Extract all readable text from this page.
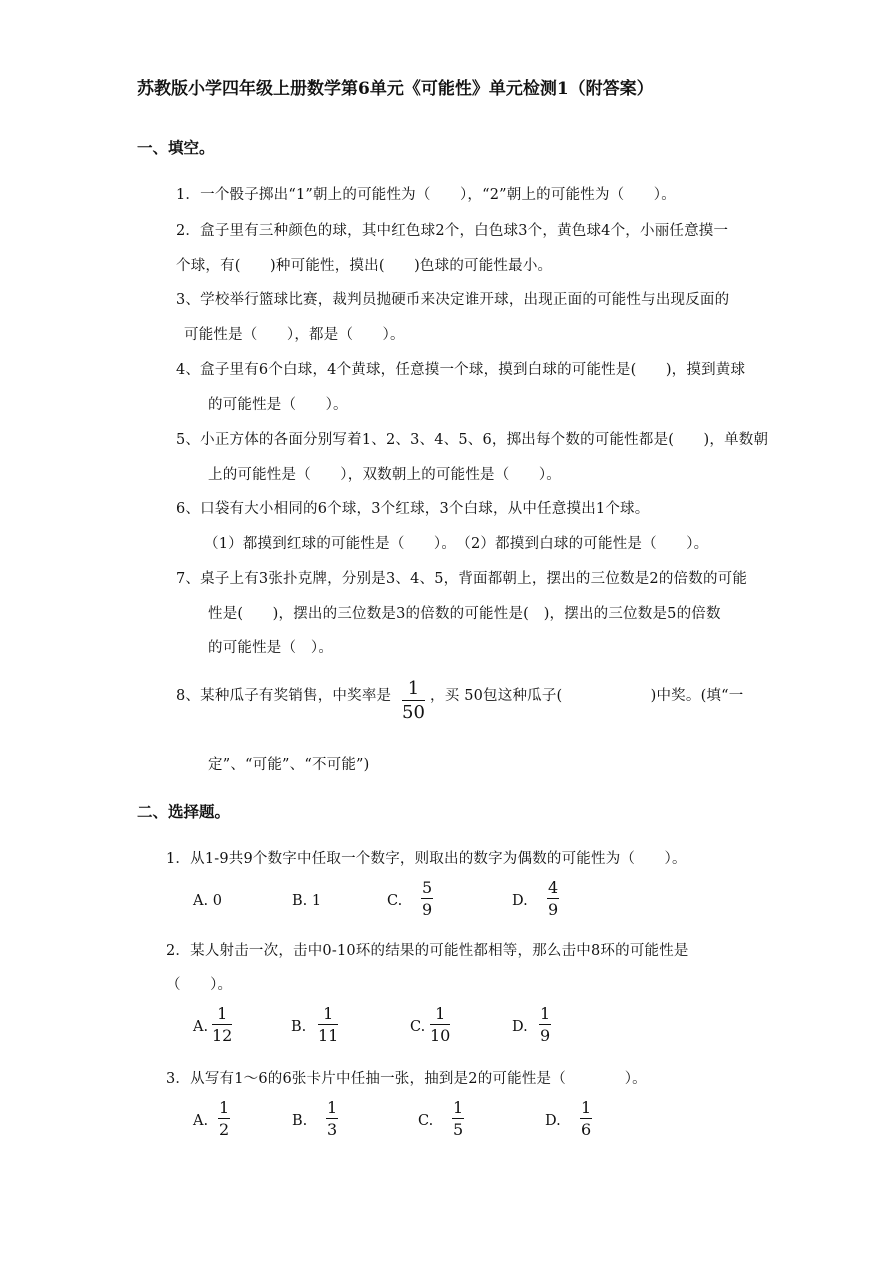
苏教版小学四年级上册数学第6单元《可能性》单元检测1（附答案）
一、填空。
1．一个骰子掷出“1”朝上的可能性为（　　），“2”朝上的可能性为（　　）。
2．盒子里有三种颜色的球，其中红色球2个，白色球3个，黄色球4个，小丽任意摸一
个球，有(　　)种可能性，摸出(　　)色球的可能性最小。
3、学校举行篮球比赛，裁判员抛硬币来决定谁开球，出现正面的可能性与出现反面的
可能性是（　　），都是（　　）。
4、盒子里有6个白球，4个黄球，任意摸一个球，摸到白球的可能性是(　　)，摸到黄球
的可能性是（　　）。
5、小正方体的各面分别写着1、2、3、4、5、6，掷出每个数的可能性都是(　　)，单数朝
上的可能性是（　　），双数朝上的可能性是（　　）。
6、口袋有大小相同的6个球，3个红球，3个白球，从中任意摸出1个球。
（1）都摸到红球的可能性是（　　）。　（2）都摸到白球的可能性是（　　）。
7、桌子上有3张扑克牌，分别是3、4、5，背面都朝上，摆出的三位数是2的倍数的可能
性是(　　)，摆出的三位数是3的倍数的可能性是(　)，摆出的三位数是5的倍数
的可能性是（　）。
8、某种瓜子有奖销售，中奖率是 1
50
，买 50包这种瓜子(　　　　　　)中奖。(填“一
定”、“可能”、“不可能”)
二、选择题。
1．从1-9共9个数字中任取一个数字，则取出的数字为偶数的可能性为（　　）。
A. 0	B. 1	C.
5
9	D.
4
9
2．某人射击一次，击中0-10环的结果的可能性都相等，那么击中8环的可能性是
（　　）。
A.
1
12	B.
1
11	C.
1
10	D.
1
9
3．从写有1～6的6张卡片中任抽一张，抽到是2的可能性是（　　　　）。
A.
1
2	B.
1
3	C.
1
5	D.
1
6
